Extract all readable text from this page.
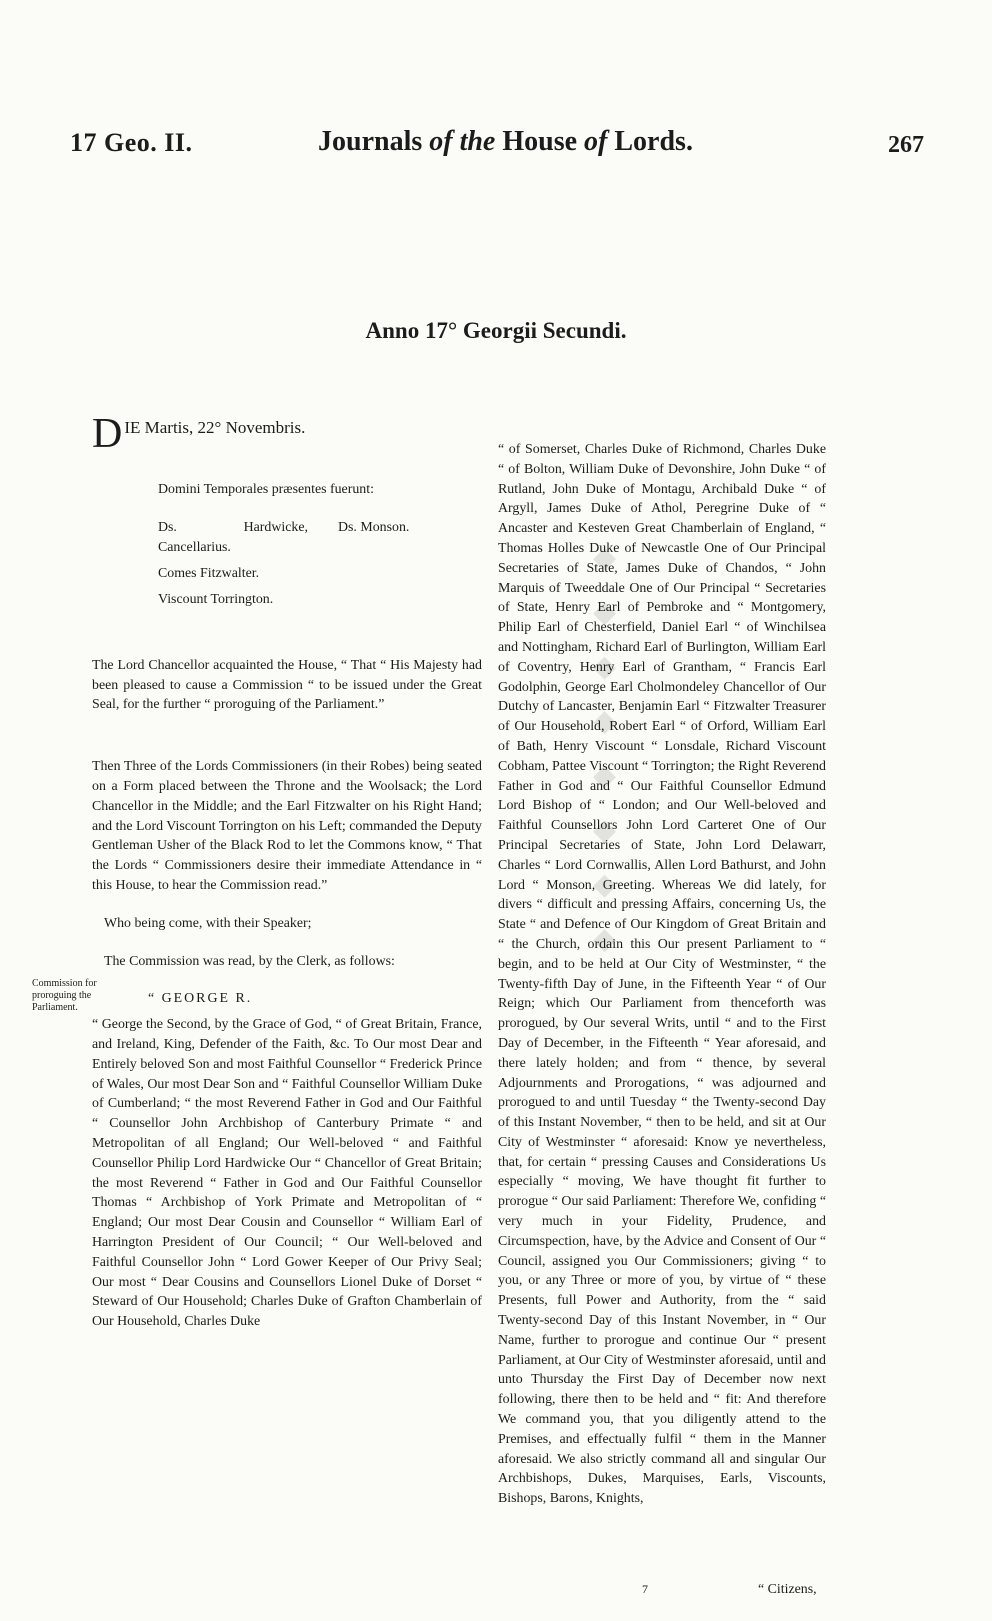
17 Geo. II.	Journals of the House of Lords.	267
Anno 17° Georgii Secundi.
◆ ◆ ◆ ◆ ◆ ◆ ◆ ◆

D IE Martis, 22° Novembris.

Domini Temporales præsentes fuerunt:

Ds. Hardwicke, Cancellarius.
Ds. Monson.
Comes Fitzwalter.
Viscount Torrington.

The Lord Chancellor acquainted the House, “ That “ His Majesty had been pleased to cause a Commission “ to be issued under the Great Seal, for the further “ proroguing of the Parliament.”

Then Three of the Lords Commissioners (in their Robes) being seated on a Form placed between the Throne and the Woolsack; the Lord Chancellor in the Middle; and the Earl Fitzwalter on his Right Hand; and the Lord Viscount Torrington on his Left; commanded the Deputy Gentleman Usher of the Black Rod to let the Commons know, “ That the Lords “ Commissioners desire their immediate Attendance in “ this House, to hear the Commission read.”

Who being come, with their Speaker;

The Commission was read, by the Clerk, as follows:

“ GEORGE R.

“ George the Second, by the Grace of God, “ of Great Britain, France, and Ireland, King, Defender of the Faith, &c. To Our most Dear and Entirely beloved Son and most Faithful Counsellor “ Frederick Prince of Wales, Our most Dear Son and “ Faithful Counsellor William Duke of Cumberland; “ the most Reverend Father in God and Our Faithful “ Counsellor John Archbishop of Canterbury Primate “ and Metropolitan of all England; Our Well-beloved “ and Faithful Counsellor Philip Lord Hardwicke Our “ Chancellor of Great Britain; the most Reverend “ Father in God and Our Faithful Counsellor Thomas “ Archbishop of York Primate and Metropolitan of “ England; Our most Dear Cousin and Counsellor “ William Earl of Harrington President of Our Council; “ Our Well-beloved and Faithful Counsellor John “ Lord Gower Keeper of Our Privy Seal; Our most “ Dear Cousins and Counsellors Lionel Duke of Dorset “ Steward of Our Household; Charles Duke of Grafton Chamberlain of Our Household, Charles Duke

Commission for proroguing the Parliament.

“ of Somerset, Charles Duke of Richmond, Charles Duke “ of Bolton, William Duke of Devonshire, John Duke “ of Rutland, John Duke of Montagu, Archibald Duke “ of Argyll, James Duke of Athol, Peregrine Duke of “ Ancaster and Kesteven Great Chamberlain of England, “ Thomas Holles Duke of Newcastle One of Our Principal Secretaries of State, James Duke of Chandos, “ John Marquis of Tweeddale One of Our Principal “ Secretaries of State, Henry Earl of Pembroke and “ Montgomery, Philip Earl of Chesterfield, Daniel Earl “ of Winchilsea and Nottingham, Richard Earl of Burlington, William Earl of Coventry, Henry Earl of Grantham, “ Francis Earl Godolphin, George Earl Cholmondeley Chancellor of Our Dutchy of Lancaster, Benjamin Earl “ Fitzwalter Treasurer of Our Household, Robert Earl “ of Orford, William Earl of Bath, Henry Viscount “ Lonsdale, Richard Viscount Cobham, Pattee Viscount “ Torrington; the Right Reverend Father in God and “ Our Faithful Counsellor Edmund Lord Bishop of “ London; and Our Well-beloved and Faithful Counsellors John Lord Carteret One of Our Principal Secretaries of State, John Lord Delawarr, Charles “ Lord Cornwallis, Allen Lord Bathurst, and John Lord “ Monson, Greeting. Whereas We did lately, for divers “ difficult and pressing Affairs, concerning Us, the State “ and Defence of Our Kingdom of Great Britain and “ the Church, ordain this Our present Parliament to “ begin, and to be held at Our City of Westminster, “ the Twenty-fifth Day of June, in the Fifteenth Year “ of Our Reign; which Our Parliament from thenceforth was prorogued, by Our several Writs, until “ and to the First Day of December, in the Fifteenth “ Year aforesaid, and there lately holden; and from “ thence, by several Adjournments and Prorogations, “ was adjourned and prorogued to and until Tuesday “ the Twenty-second Day of this Instant November, “ then to be held, and sit at Our City of Westminster “ aforesaid: Know ye nevertheless, that, for certain “ pressing Causes and Considerations Us especially “ moving, We have thought fit further to prorogue “ Our said Parliament: Therefore We, confiding “ very much in your Fidelity, Prudence, and Circumspection, have, by the Advice and Consent of Our “ Council, assigned you Our Commissioners; giving “ to you, or any Three or more of you, by virtue of “ these Presents, full Power and Authority, from the “ said Twenty-second Day of this Instant November, in “ Our Name, further to prorogue and continue Our “ present Parliament, at Our City of Westminster aforesaid, until and unto Thursday the First Day of December now next following, there then to be held and “ fit: And therefore We command you, that you diligently attend to the Premises, and effectually fulfil “ them in the Manner aforesaid. We also strictly command all and singular Our Archbishops, Dukes, Marquises, Earls, Viscounts, Bishops, Barons, Knights,

7	“ Citizens,
